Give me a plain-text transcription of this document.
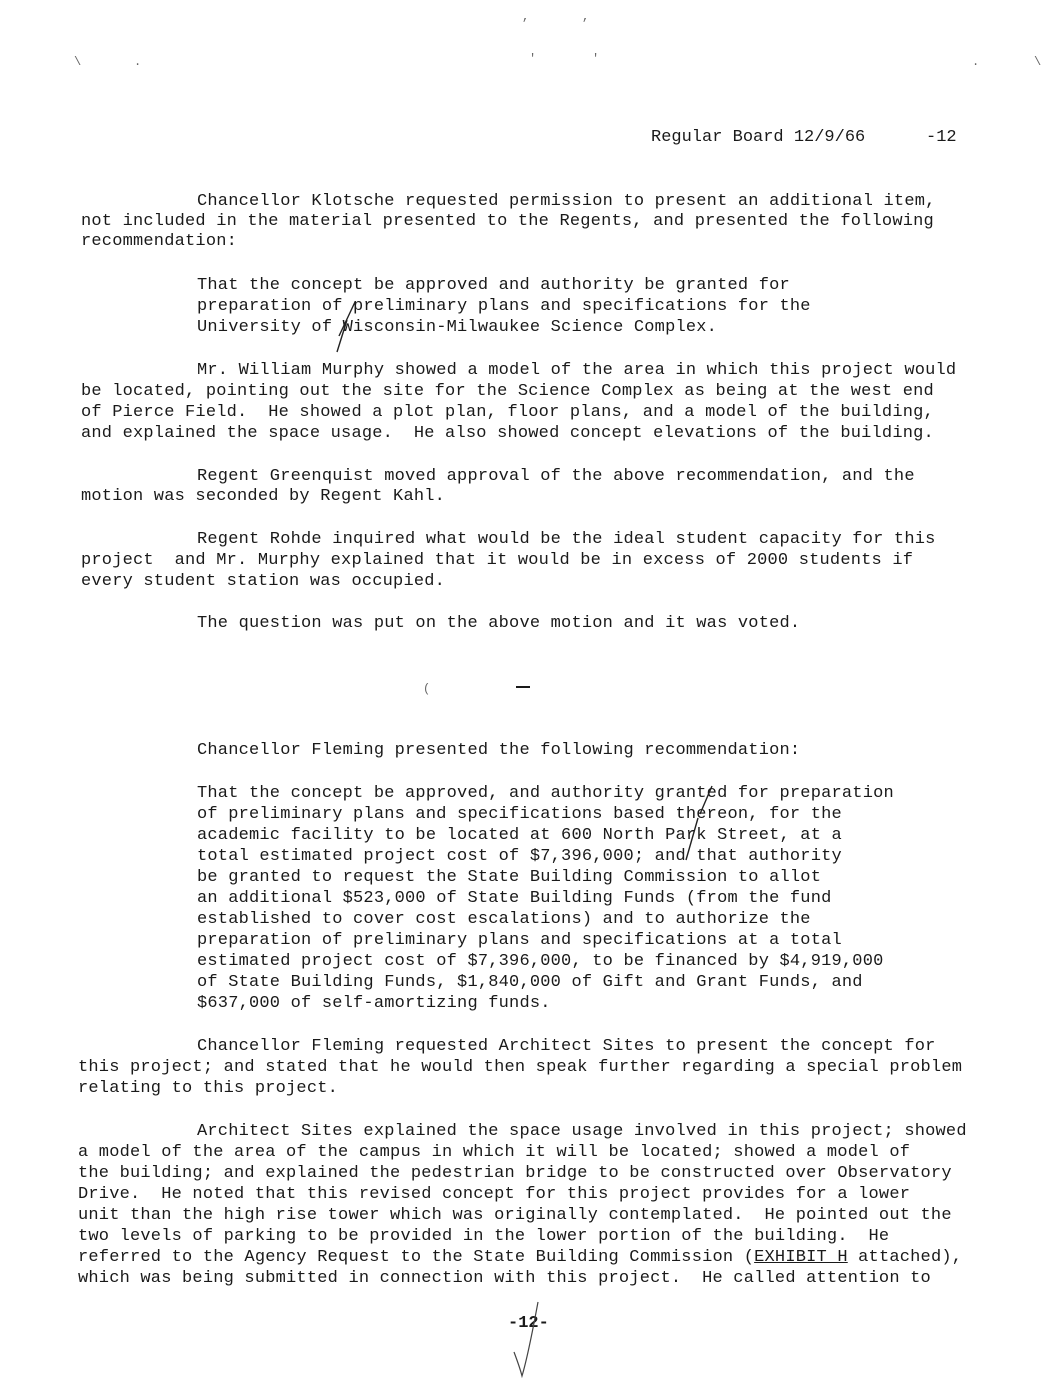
,	,
\	.	'	'	.	\
(
Regular Board 12/9/66	-12
Chancellor Klotsche requested permission to present an additional item,
not included in the material presented to the Regents, and presented the following
recommendation:
That the concept be approved and authority be granted for
preparation of preliminary plans and specifications for the
University of Wisconsin-Milwaukee Science Complex.
Mr. William Murphy showed a model of the area in which this project would
be located, pointing out the site for the Science Complex as being at the west end
of Pierce Field.  He showed a plot plan, floor plans, and a model of the building,
and explained the space usage.  He also showed concept elevations of the building.
Regent Greenquist moved approval of the above recommendation, and the
motion was seconded by Regent Kahl.
Regent Rohde inquired what would be the ideal student capacity for this
project  and Mr. Murphy explained that it would be in excess of 2000 students if
every student station was occupied.
The question was put on the above motion and it was voted.
Chancellor Fleming presented the following recommendation:
That the concept be approved, and authority granted for preparation
of preliminary plans and specifications based thereon, for the
academic facility to be located at 600 North Park Street, at a
total estimated project cost of $7,396,000; and that authority
be granted to request the State Building Commission to allot
an additional $523,000 of State Building Funds (from the fund
established to cover cost escalations) and to authorize the
preparation of preliminary plans and specifications at a total
estimated project cost of $7,396,000, to be financed by $4,919,000
of State Building Funds, $1,840,000 of Gift and Grant Funds, and
$637,000 of self-amortizing funds.
Chancellor Fleming requested Architect Sites to present the concept for
this project; and stated that he would then speak further regarding a special problem
relating to this project.
Architect Sites explained the space usage involved in this project; showed
a model of the area of the campus in which it will be located; showed a model of
the building; and explained the pedestrian bridge to be constructed over Observatory
Drive.  He noted that this revised concept for this project provides for a lower
unit than the high rise tower which was originally contemplated.  He pointed out the
two levels of parking to be provided in the lower portion of the building.  He
referred to the Agency Request to the State Building Commission (EXHIBIT H attached),
which was being submitted in connection with this project.  He called attention to
-12-
